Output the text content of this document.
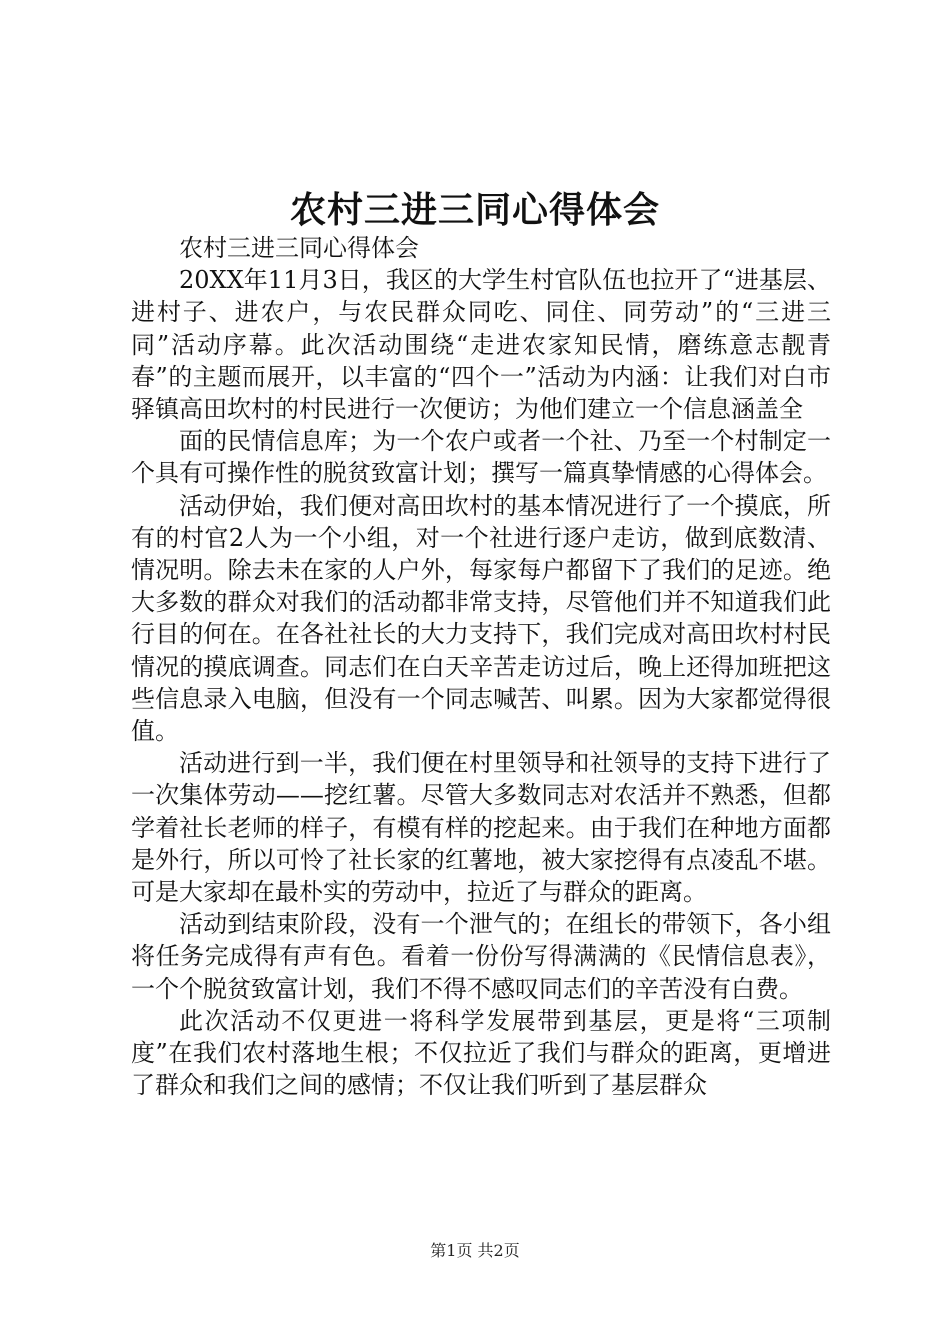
农村三进三同心得体会

农村三进三同心得体会

20XX年11月3日，我区的大学生村官队伍也拉开了“进基层、进村子、进农户，与农民群众同吃、同住、同劳动”的“三进三同”活动序幕。此次活动围绕“走进农家知民情，磨练意志靓青春”的主题而展开，以丰富的“四个一”活动为内涵：让我们对白市驿镇高田坎村的村民进行一次便访；为他们建立一个信息涵盖全

面的民情信息库；为一个农户或者一个社、乃至一个村制定一个具有可操作性的脱贫致富计划；撰写一篇真挚情感的心得体会。

活动伊始，我们便对高田坎村的基本情况进行了一个摸底，所有的村官2人为一个小组，对一个社进行逐户走访，做到底数清、情况明。除去未在家的人户外，每家每户都留下了我们的足迹。绝大多数的群众对我们的活动都非常支持，尽管他们并不知道我们此行目的何在。在各社社长的大力支持下，我们完成对高田坎村村民情况的摸底调查。同志们在白天辛苦走访过后，晚上还得加班把这些信息录入电脑，但没有一个同志喊苦、叫累。因为大家都觉得很值。

活动进行到一半，我们便在村里领导和社领导的支持下进行了一次集体劳动——挖红薯。尽管大多数同志对农活并不熟悉，但都学着社长老师的样子，有模有样的挖起来。由于我们在种地方面都是外行，所以可怜了社长家的红薯地，被大家挖得有点凌乱不堪。可是大家却在最朴实的劳动中，拉近了与群众的距离。

活动到结束阶段，没有一个泄气的；在组长的带领下，各小组将任务完成得有声有色。看着一份份写得满满的《民情信息表》，一个个脱贫致富计划，我们不得不感叹同志们的辛苦没有白费。

此次活动不仅更进一将科学发展带到基层，更是将“三项制度”在我们农村落地生根；不仅拉近了我们与群众的距离，更增进了群众和我们之间的感情；不仅让我们听到了基层群众

第1页 共2页
